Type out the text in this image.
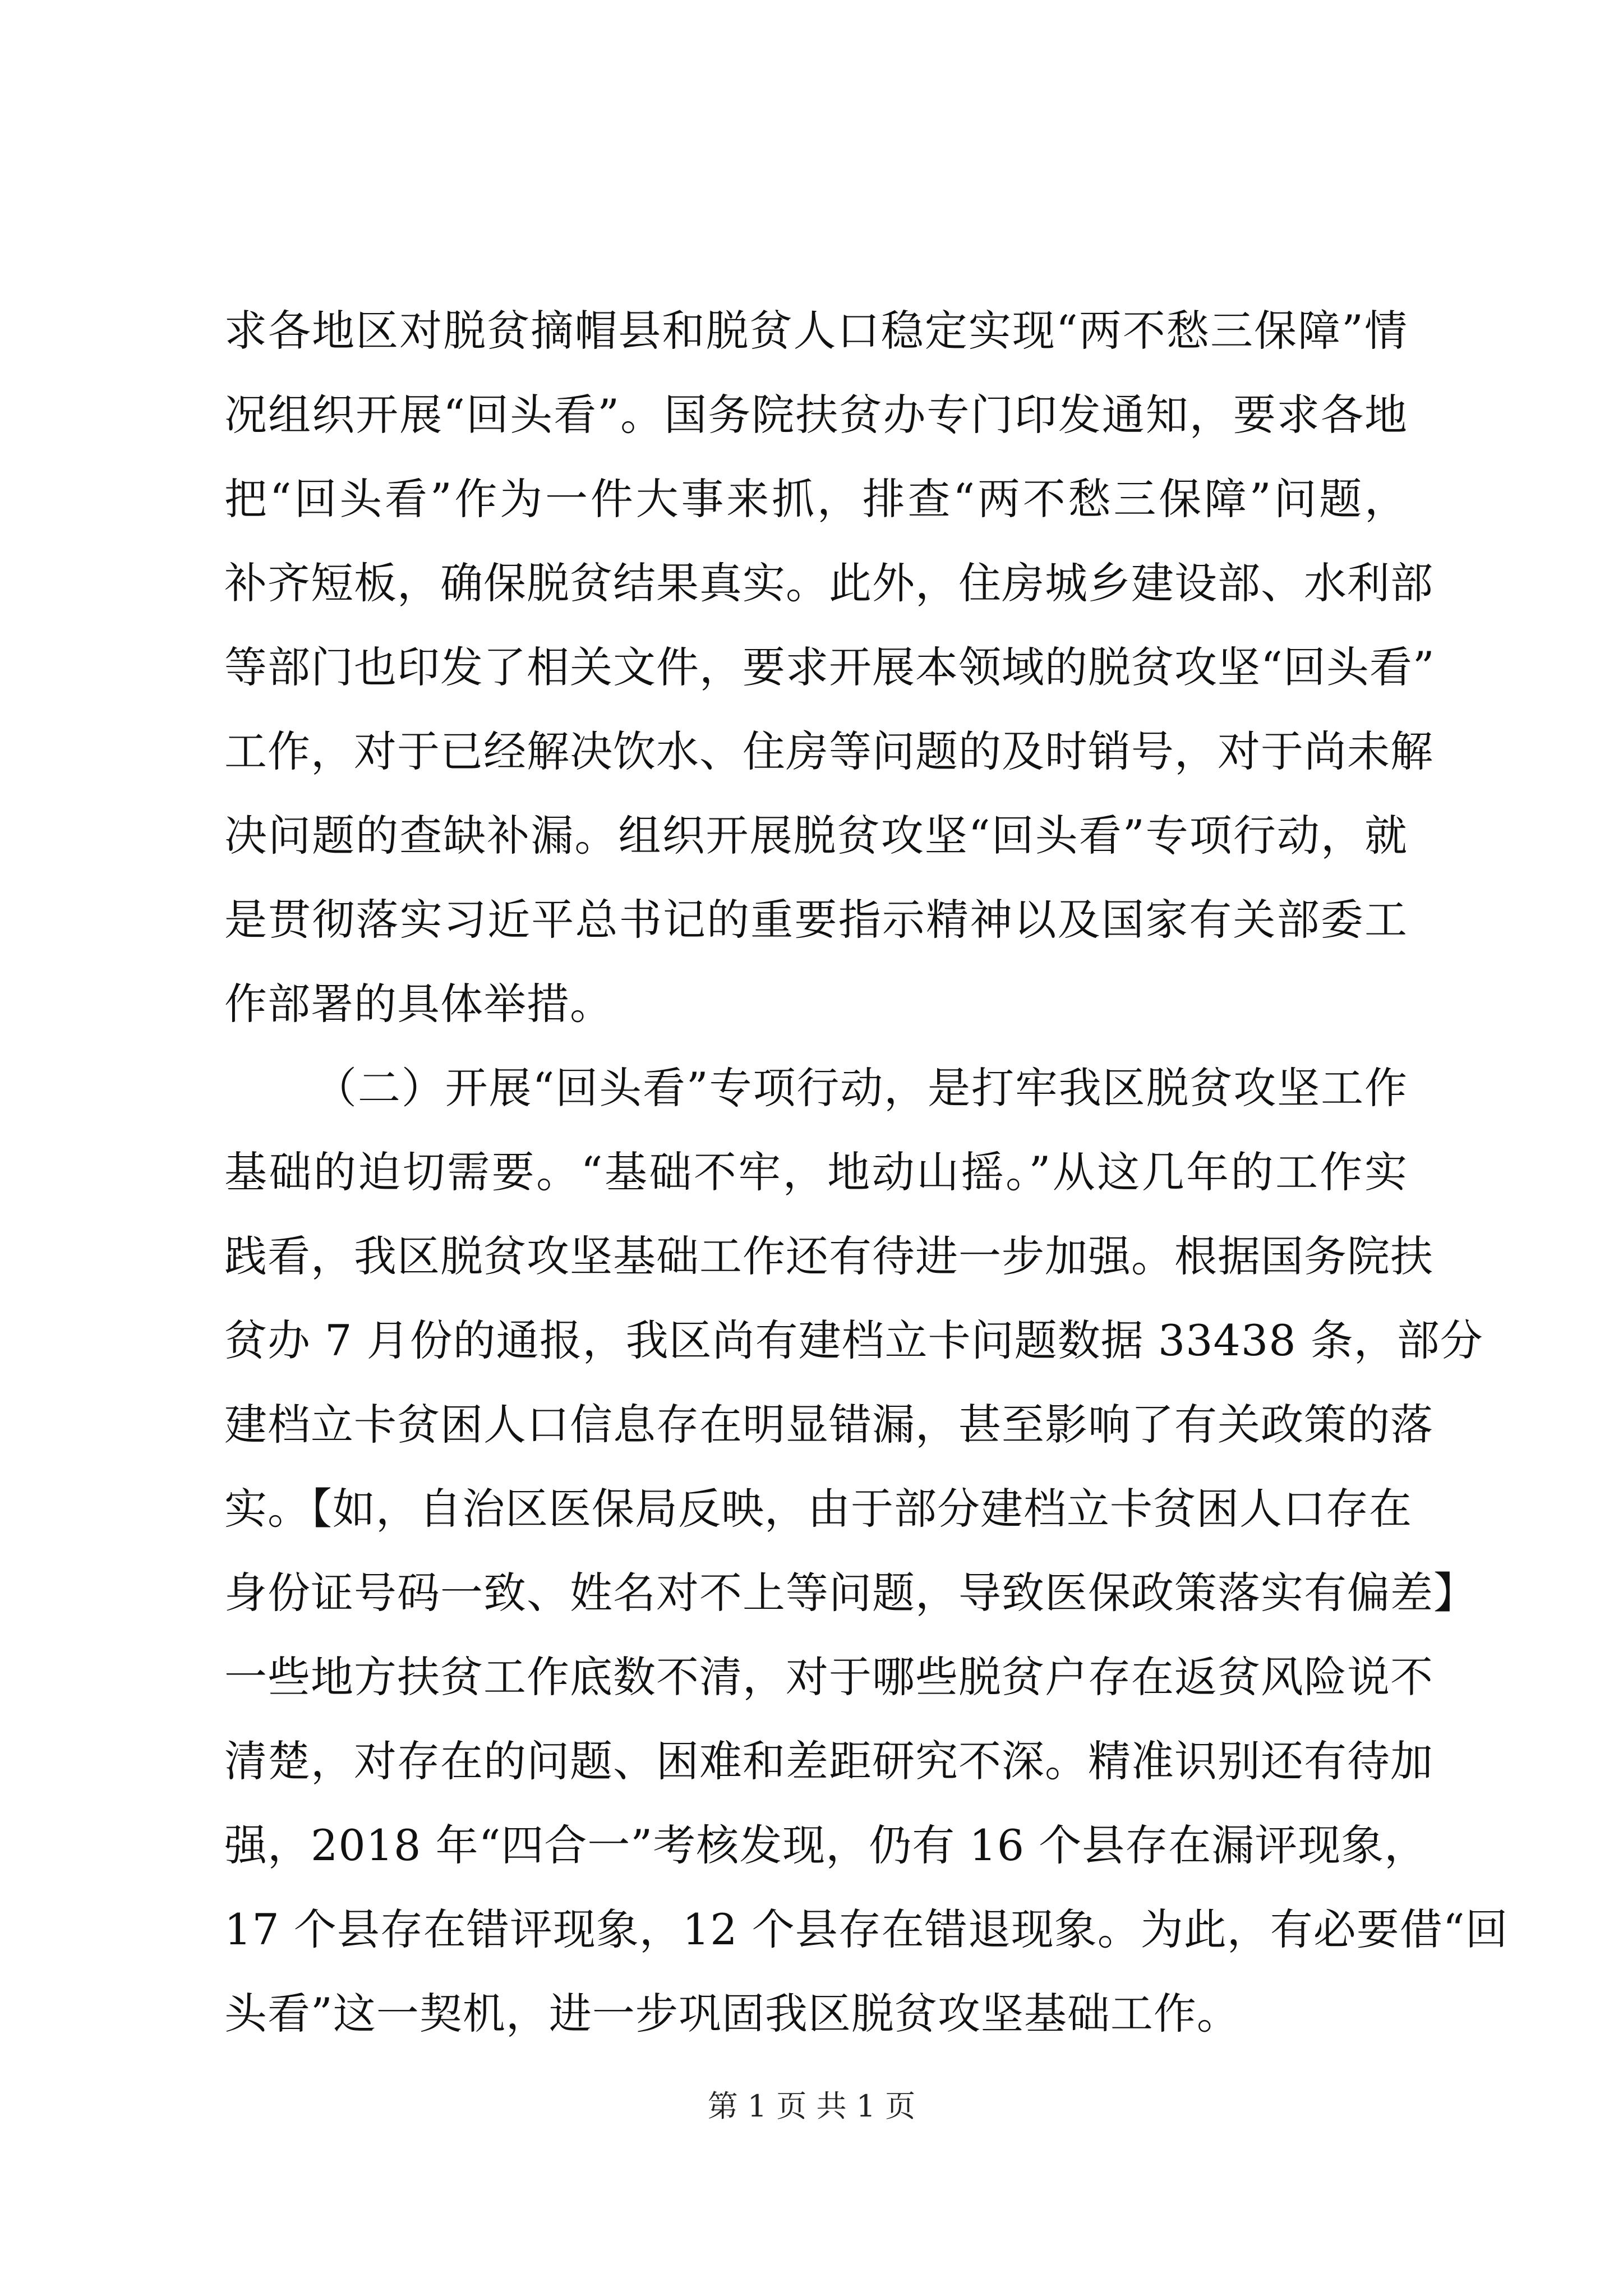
求各地区对脱贫摘帽县和脱贫人口稳定实现“两不愁三保障”情
况组织开展“回头看”。国务院扶贫办专门印发通知，要求各地
把“回头看”作为一件大事来抓，排查“两不愁三保障”问题，
补齐短板，确保脱贫结果真实。此外，住房城乡建设部、水利部
等部门也印发了相关文件，要求开展本领域的脱贫攻坚“回头看”
工作，对于已经解决饮水、住房等问题的及时销号，对于尚未解
决问题的查缺补漏。组织开展脱贫攻坚“回头看”专项行动，就
是贯彻落实习近平总书记的重要指示精神以及国家有关部委工
作部署的具体举措。
（二）开展“回头看”专项行动，是打牢我区脱贫攻坚工作
基础的迫切需要。“基础不牢，地动山摇。”从这几年的工作实
践看，我区脱贫攻坚基础工作还有待进一步加强。根据国务院扶
贫办 7 月份的通报，我区尚有建档立卡问题数据 33438 条，部分
建档立卡贫困人口信息存在明显错漏，甚至影响了有关政策的落
实。【如，自治区医保局反映，由于部分建档立卡贫困人口存在
身份证号码一致、姓名对不上等问题，导致医保政策落实有偏差】
一些地方扶贫工作底数不清，对于哪些脱贫户存在返贫风险说不
清楚，对存在的问题、困难和差距研究不深。精准识别还有待加
强，2018 年“四合一”考核发现，仍有 16 个县存在漏评现象，
17 个县存在错评现象，12 个县存在错退现象。为此，有必要借“回
头看”这一契机，进一步巩固我区脱贫攻坚基础工作。
第 1 页 共 1 页
